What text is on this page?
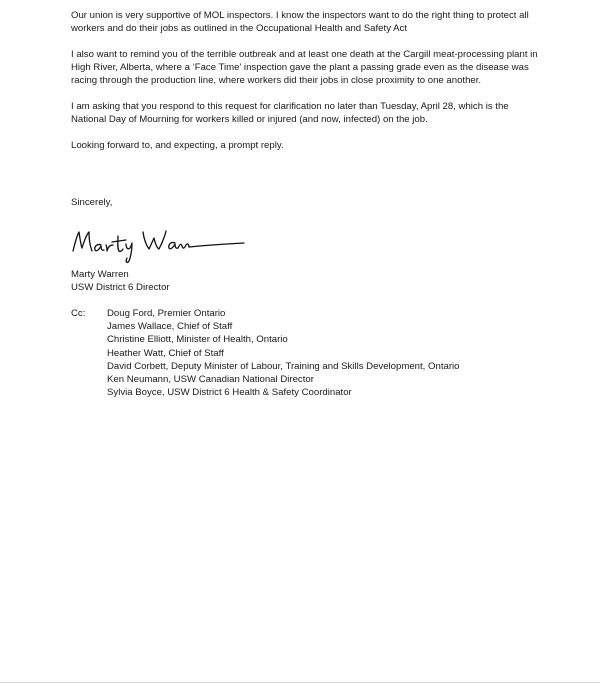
Our union is very supportive of MOL inspectors. I know the inspectors want to do the right thing to protect all workers and do their jobs as outlined in the Occupational Health and Safety Act

I also want to remind you of the terrible outbreak and at least one death at the Cargill meat-processing plant in High River, Alberta, where a ‘Face Time’ inspection gave the plant a passing grade even as the disease was racing through the production line, where workers did their jobs in close proximity to one another.

I am asking that you respond to this request for clarification no later than Tuesday, April 28, which is the National Day of Mourning for workers killed or injured (and now, infected) on the job.

Looking forward to, and expecting, a prompt reply.

Sincerely,
Marty Warren
USW District 6 Director
Cc: Doug Ford, Premier Ontario
James Wallace, Chief of Staff
Christine Elliott, Minister of Health, Ontario
Heather Watt, Chief of Staff
David Corbett, Deputy Minister of Labour, Training and Skills Development, Ontario
Ken Neumann, USW Canadian National Director
Sylvia Boyce, USW District 6 Health & Safety Coordinator
